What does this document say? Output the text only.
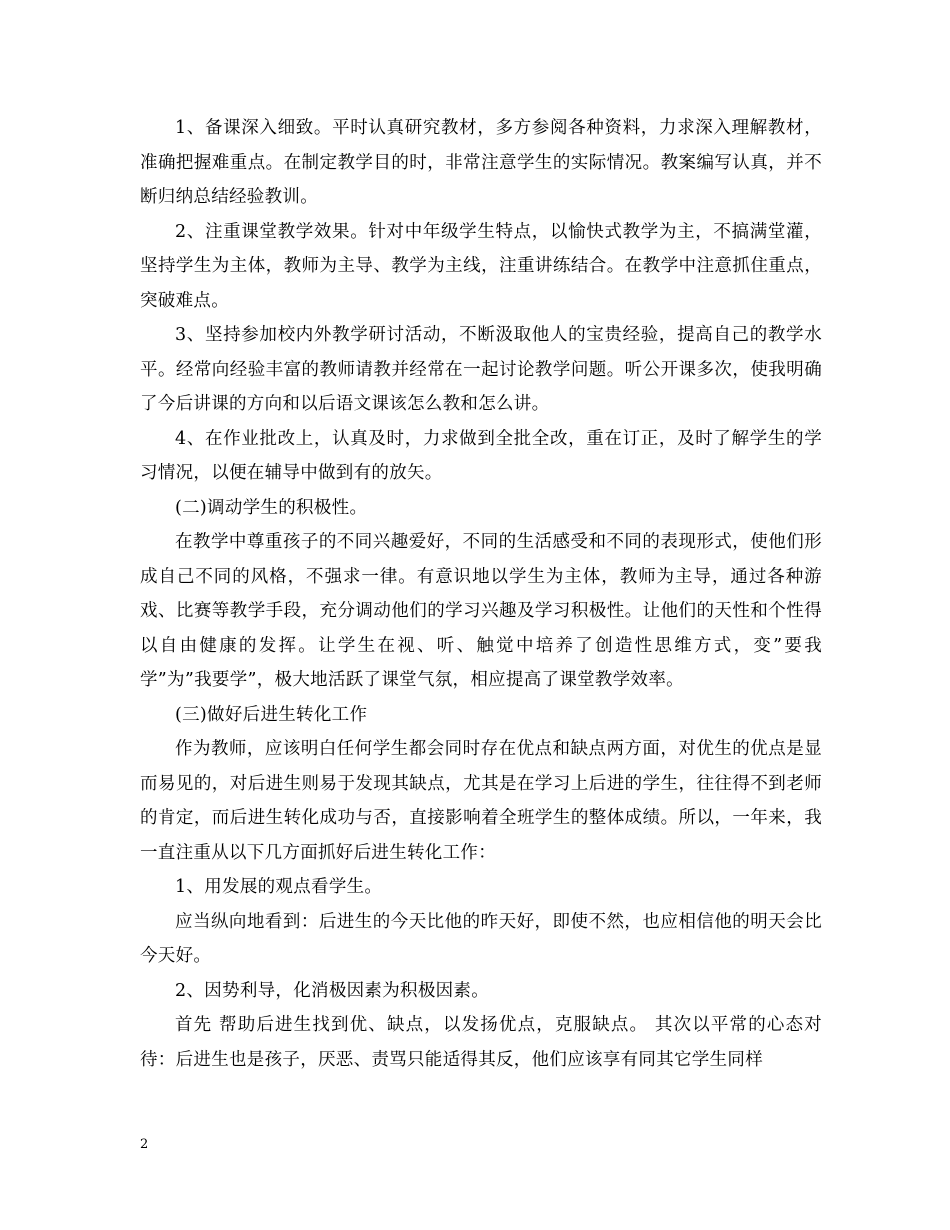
1、备课深入细致。平时认真研究教材，多方参阅各种资料，力求深入理解教材，准确把握难重点。在制定教学目的时，非常注意学生的实际情况。教案编写认真，并不断归纳总结经验教训。

2、注重课堂教学效果。针对中年级学生特点，以愉快式教学为主，不搞满堂灌，坚持学生为主体，教师为主导、教学为主线，注重讲练结合。在教学中注意抓住重点， 突破难点。

3、坚持参加校内外教学研讨活动，不断汲取他人的宝贵经验，提高自己的教学水平。经常向经验丰富的教师请教并经常在一起讨论教学问题。听公开课多次，使我明确了今后讲课的方向和以后语文课该怎么教和怎么讲。

4、在作业批改上，认真及时，力求做到全批全改，重在订正，及时了解学生的学习情况，以便在辅导中做到有的放矢。

(二)调动学生的积极性。

在教学中尊重孩子的不同兴趣爱好，不同的生活感受和不同的表现形式，使他们形成自己不同的风格，不强求一律。有意识地以学生为主体，教师为主导，通过各种游戏、比赛等教学手段，充分调动他们的学习兴趣及学习积极性。让他们的天性和个性得以自由健康的发挥。让学生在视、听、触觉中培养了创造性思维方式，变”要我学”为”我要学”，极大地活跃了课堂气氛，相应提高了课堂教学效率。

(三)做好后进生转化工作

作为教师，应该明白任何学生都会同时存在优点和缺点两方面，对优生的优点是显而易见的，对后进生则易于发现其缺点，尤其是在学习上后进的学生，往往得不到老师的肯定，而后进生转化成功与否，直接影响着全班学生的整体成绩。所以，一年来，我一直注重从以下几方面抓好后进生转化工作：

1、用发展的观点看学生。

应当纵向地看到：后进生的今天比他的昨天好，即使不然，也应相信他的明天会比今天好。

2、因势利导，化消极因素为积极因素。

首先 帮助后进生找到优、缺点，以发扬优点，克服缺点。 其次以平常的心态对待：后进生也是孩子，厌恶、责骂只能适得其反，他们应该享有同其它学生同样

2
